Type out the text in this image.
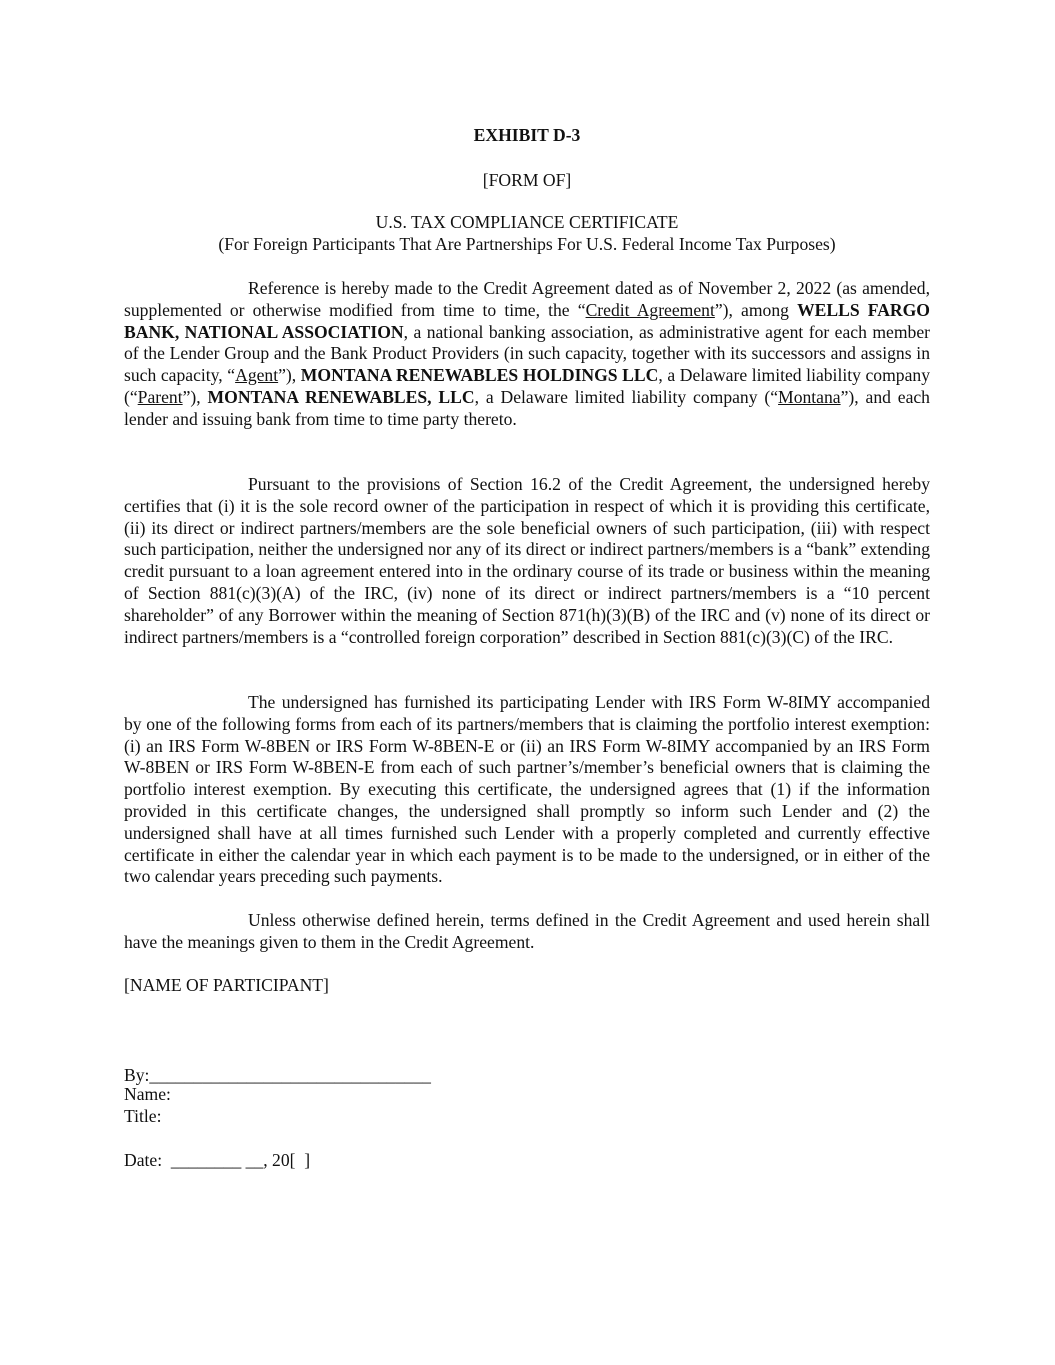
EXHIBIT D-3
[FORM OF]
U.S. TAX COMPLIANCE CERTIFICATE
(For Foreign Participants That Are Partnerships For U.S. Federal Income Tax Purposes)
Reference is hereby made to the Credit Agreement dated as of November 2, 2022 (as amended, supplemented or otherwise modified from time to time, the “Credit Agreement”), among WELLS FARGO BANK, NATIONAL ASSOCIATION, a national banking association, as administrative agent for each member of the Lender Group and the Bank Product Providers (in such capacity, together with its successors and assigns in such capacity, “Agent”), MONTANA RENEWABLES HOLDINGS LLC, a Delaware limited liability company (“Parent”), MONTANA RENEWABLES, LLC, a Delaware limited liability company (“Montana”), and each lender and issuing bank from time to time party thereto.
Pursuant to the provisions of Section 16.2 of the Credit Agreement, the undersigned hereby certifies that (i) it is the sole record owner of the participation in respect of which it is providing this certificate, (ii) its direct or indirect partners/members are the sole beneficial owners of such participation, (iii) with respect such participation, neither the undersigned nor any of its direct or indirect partners/members is a “bank” extending credit pursuant to a loan agreement entered into in the ordinary course of its trade or business within the meaning of Section 881(c)(3)(A) of the IRC, (iv) none of its direct or indirect partners/members is a “10 percent shareholder” of any Borrower within the meaning of Section 871(h)(3)(B) of the IRC and (v) none of its direct or indirect partners/members is a “controlled foreign corporation” described in Section 881(c)(3)(C) of the IRC.
The undersigned has furnished its participating Lender with IRS Form W-8IMY accompanied by one of the following forms from each of its partners/members that is claiming the portfolio interest exemption: (i) an IRS Form W-8BEN or IRS Form W-8BEN-E or (ii) an IRS Form W-8IMY accompanied by an IRS Form W-8BEN or IRS Form W-8BEN-E from each of such partner’s/member’s beneficial owners that is claiming the portfolio interest exemption. By executing this certificate, the undersigned agrees that (1) if the information provided in this certificate changes, the undersigned shall promptly so inform such Lender and (2) the undersigned shall have at all times furnished such Lender with a properly completed and currently effective certificate in either the calendar year in which each payment is to be made to the undersigned, or in either of the two calendar years preceding such payments.
Unless otherwise defined herein, terms defined in the Credit Agreement and used herein shall have the meanings given to them in the Credit Agreement.
[NAME OF PARTICIPANT]
By:________________________________
Name:
Title:
Date:  ________ __, 20[  ]
